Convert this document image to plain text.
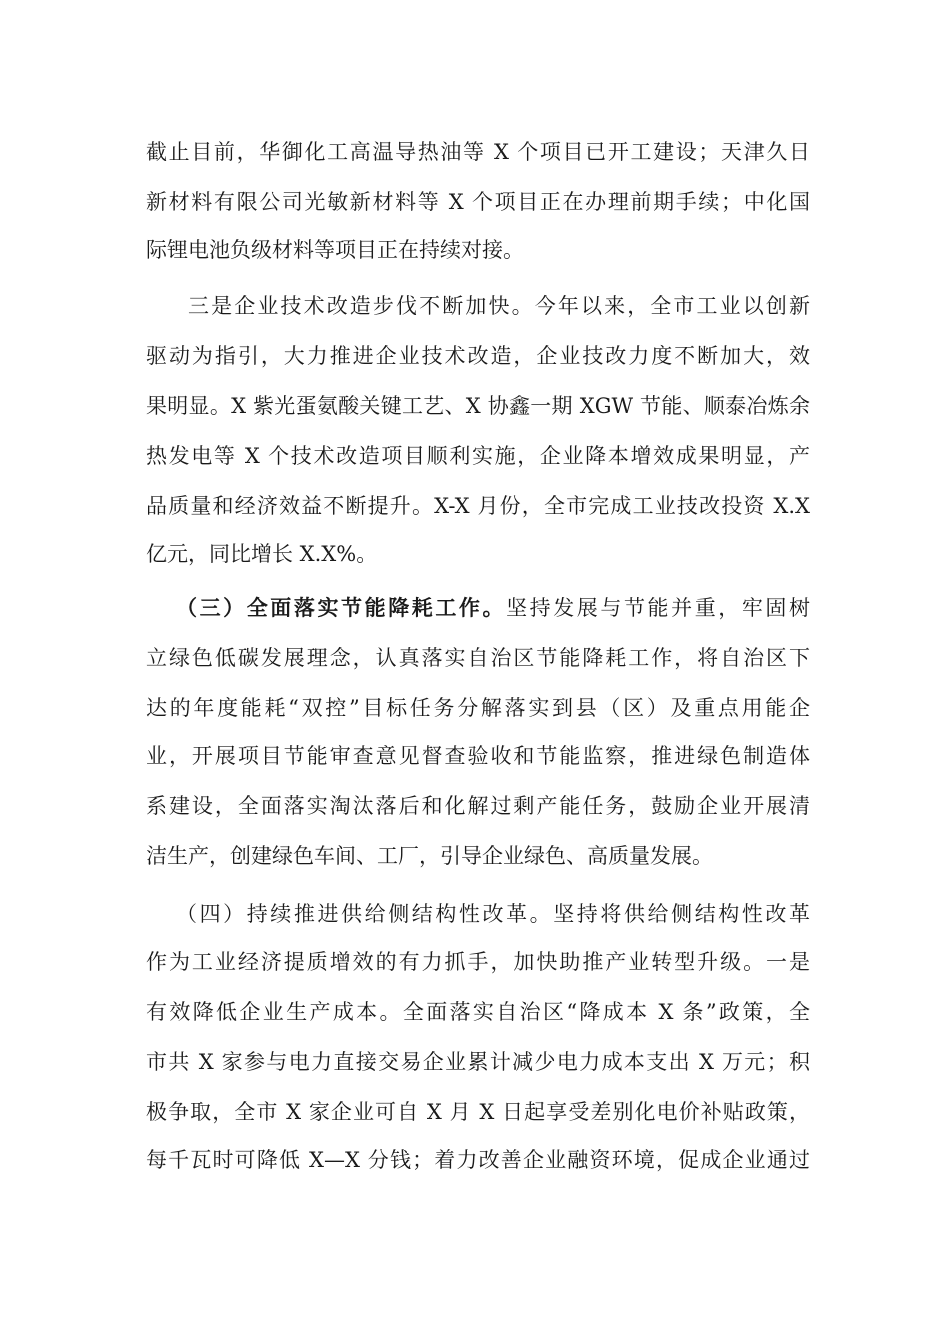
截止目前，华御化工高温导热油等 X 个项目已开工建设；天津久日
新材料有限公司光敏新材料等 X 个项目正在办理前期手续；中化国
际锂电池负级材料等项目正在持续对接。
三是企业技术改造步伐不断加快。今年以来，全市工业以创新
驱动为指引，大力推进企业技术改造，企业技改力度不断加大，效
果明显。X 紫光蛋氨酸关键工艺、X 协鑫一期 XGW 节能、顺泰冶炼余
热发电等 X 个技术改造项目顺利实施，企业降本增效成果明显，产
品质量和经济效益不断提升。X-X 月份，全市完成工业技改投资 X.X
亿元，同比增长 X.X%。
（三）全面落实节能降耗工作。坚持发展与节能并重，牢固树
立绿色低碳发展理念，认真落实自治区节能降耗工作，将自治区下
达的年度能耗“双控”目标任务分解落实到县（区）及重点用能企
业，开展项目节能审查意见督查验收和节能监察，推进绿色制造体
系建设，全面落实淘汰落后和化解过剩产能任务，鼓励企业开展清
洁生产，创建绿色车间、工厂，引导企业绿色、高质量发展。
（四）持续推进供给侧结构性改革。坚持将供给侧结构性改革
作为工业经济提质增效的有力抓手，加快助推产业转型升级。一是
有效降低企业生产成本。全面落实自治区“降成本 X 条”政策，全
市共 X 家参与电力直接交易企业累计减少电力成本支出 X 万元；积
极争取，全市 X 家企业可自 X 月 X 日起享受差别化电价补贴政策，
每千瓦时可降低 X—X 分钱；着力改善企业融资环境，促成企业通过
